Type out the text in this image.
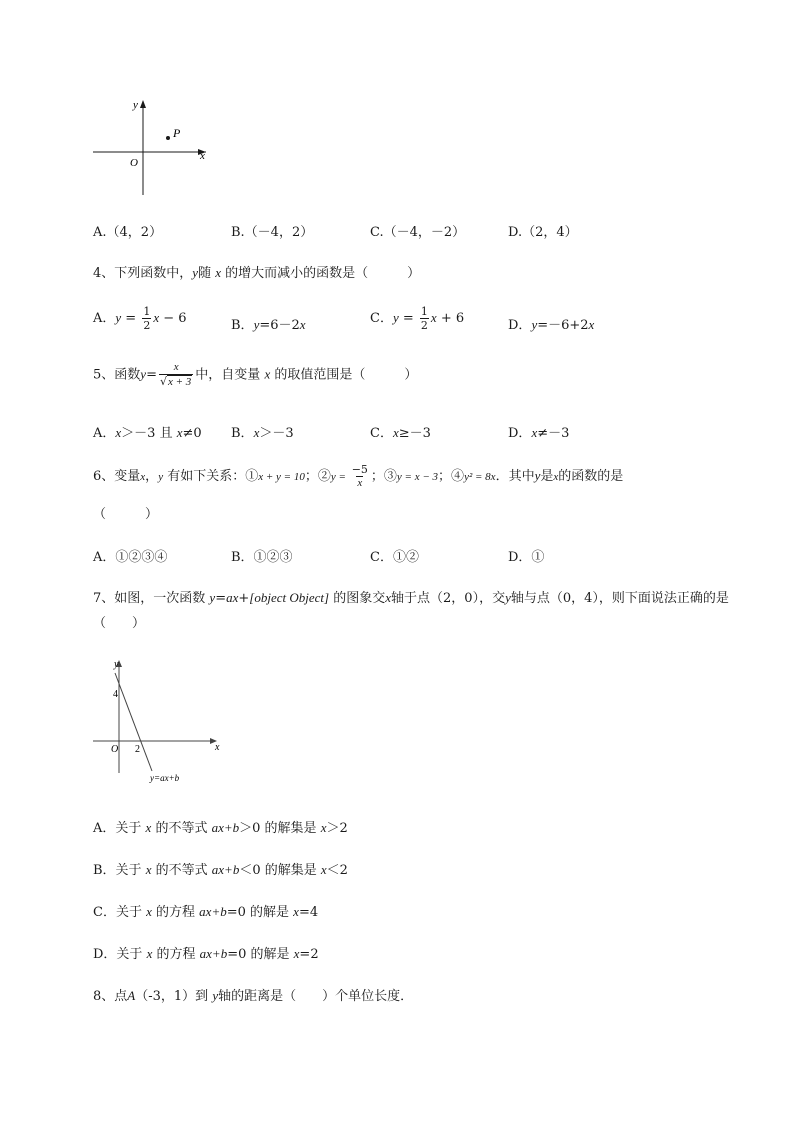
y
x
O
P
A.（4，2）	B.（－4，2）	C.（－4，－2）	D.（2，4）
4、下列函数中，y随 x 的增大而减小的函数是（　　　）
A．$y = \frac{1}{2}$ x − 6	B．y=6－2x	C．$y = \frac{1}{2}$ x + 6	D．y=－6+2x
5、函数$y= \frac{x}{√x + 3}$ 中，自变量 x 的取值范围是（　　　）
A．x＞－3 且 x≠0 B．x＞－3	C．x≥－3	D．x≠－3
6、变量x，y 有如下关系：①x + y = 10；②y = $\frac{-5}{x}$ ；③y = x − 3；④y² = 8x．其中y是x的函数的是
（　　　）
A．①②③④	B．①②③	C．①②	D．①
7、如图，一次函数 y=ax+[object Object] 的图象交x轴于点（2，0），交y轴与点（0，4），则下面说法正确的是
（　　）
y
x
O
4
2
y=ax+b
A．关于 x 的不等式 ax+b＞0 的解集是 x＞2
B．关于 x 的不等式 ax+b＜0 的解集是 x＜2
C．关于 x 的方程 ax+b=0 的解是 x=4
D．关于 x 的方程 ax+b=0 的解是 x=2
8、点A（-3，1）到 y轴的距离是（　　）个单位长度．
